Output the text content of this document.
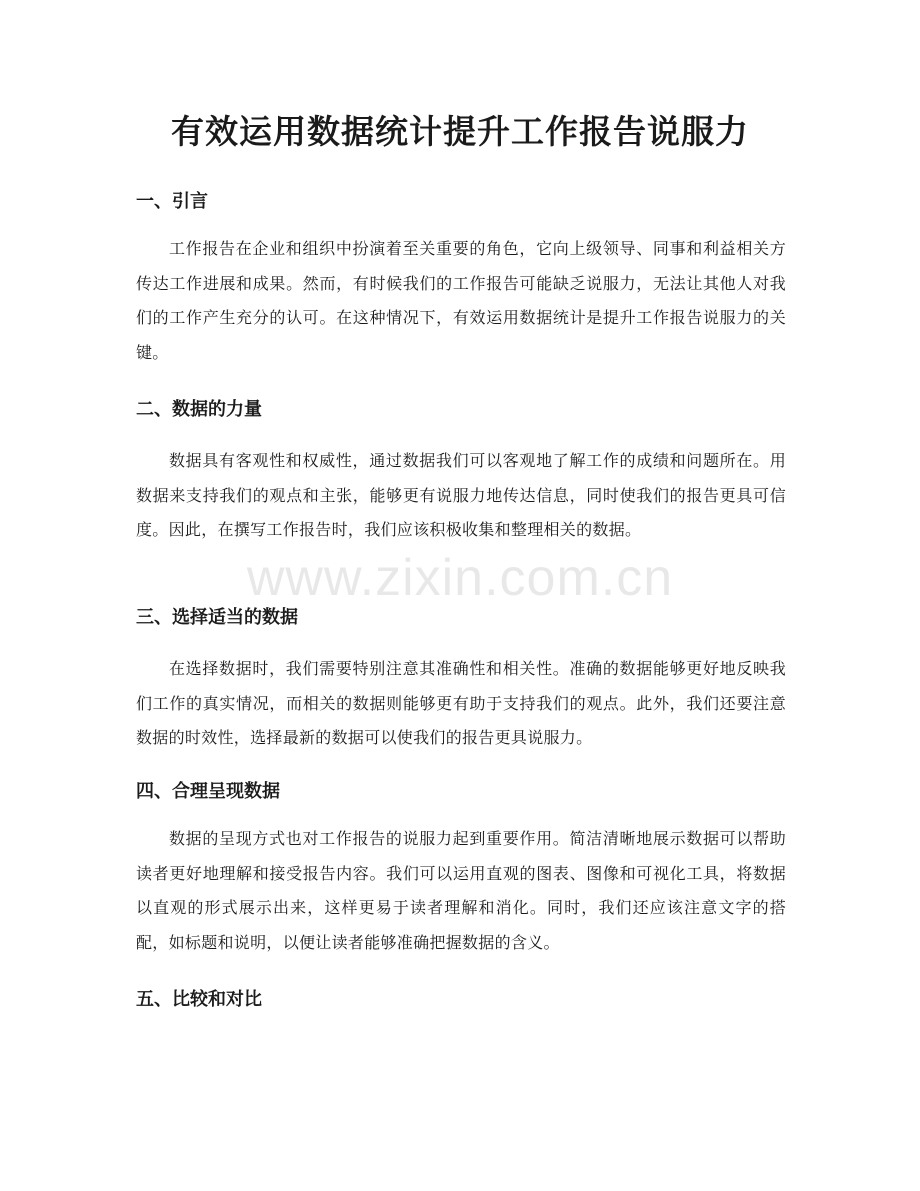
有效运用数据统计提升工作报告说服力
一、引言

工作报告在企业和组织中扮演着至关重要的角色，它向上级领导、同事和利益相关方传达工作进展和成果。然而，有时候我们的工作报告可能缺乏说服力，无法让其他人对我们的工作产生充分的认可。在这种情况下，有效运用数据统计是提升工作报告说服力的关键。

二、数据的力量

数据具有客观性和权威性，通过数据我们可以客观地了解工作的成绩和问题所在。用数据来支持我们的观点和主张，能够更有说服力地传达信息，同时使我们的报告更具可信度。因此，在撰写工作报告时，我们应该积极收集和整理相关的数据。

三、选择适当的数据

在选择数据时，我们需要特别注意其准确性和相关性。准确的数据能够更好地反映我们工作的真实情况，而相关的数据则能够更有助于支持我们的观点。此外，我们还要注意数据的时效性，选择最新的数据可以使我们的报告更具说服力。

四、合理呈现数据

数据的呈现方式也对工作报告的说服力起到重要作用。简洁清晰地展示数据可以帮助读者更好地理解和接受报告内容。我们可以运用直观的图表、图像和可视化工具，将数据以直观的形式展示出来，这样更易于读者理解和消化。同时，我们还应该注意文字的搭配，如标题和说明，以便让读者能够准确把握数据的含义。

五、比较和对比
www.zixin.com.cn
